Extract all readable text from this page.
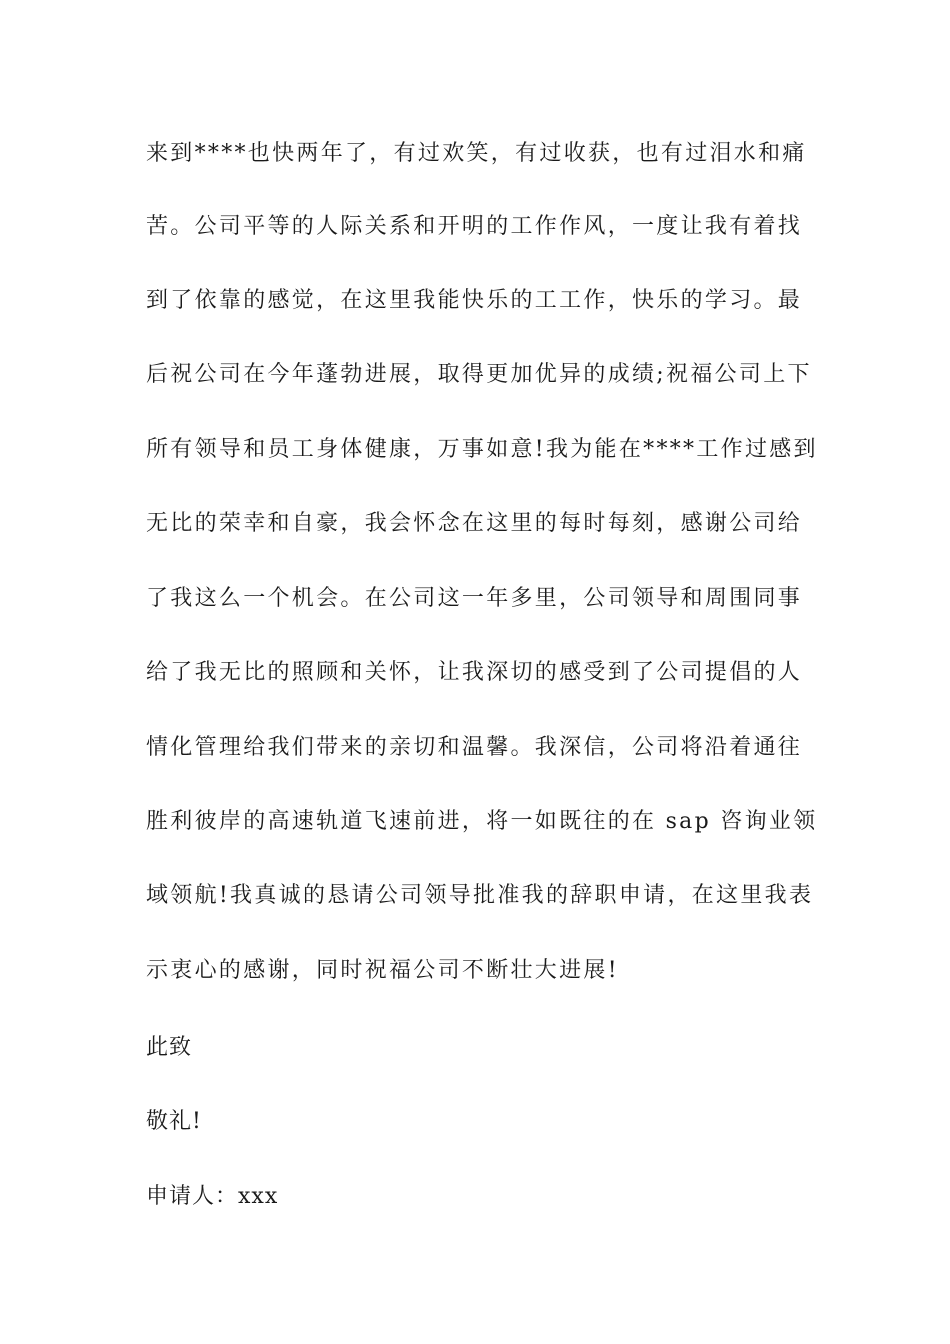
来到****也快两年了，有过欢笑，有过收获，也有过泪水和痛
苦。公司平等的人际关系和开明的工作作风，一度让我有着找
到了依靠的感觉，在这里我能快乐的工工作，快乐的学习。最
后祝公司在今年蓬勃进展，取得更加优异的成绩;祝福公司上下
所有领导和员工身体健康，万事如意!我为能在****工作过感到
无比的荣幸和自豪，我会怀念在这里的每时每刻，感谢公司给
了我这么一个机会。在公司这一年多里，公司领导和周围同事
给了我无比的照顾和关怀，让我深切的感受到了公司提倡的人
情化管理给我们带来的亲切和温馨。我深信，公司将沿着通往
胜利彼岸的高速轨道飞速前进，将一如既往的在 sap 咨询业领
域领航!我真诚的恳请公司领导批准我的辞职申请，在这里我表
示衷心的感谢，同时祝福公司不断壮大进展!
此致
敬礼!
申请人：xxx
